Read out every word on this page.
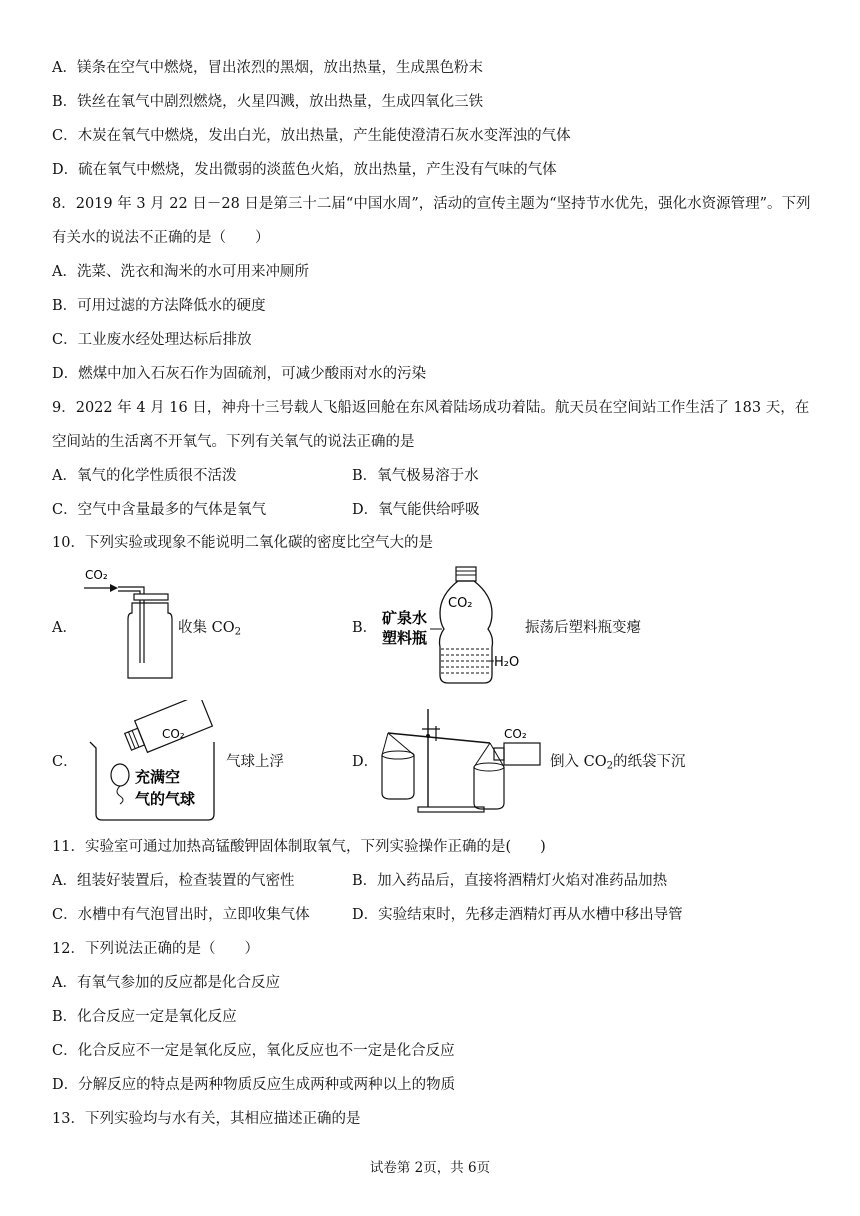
A．镁条在空气中燃烧，冒出浓烈的黑烟，放出热量，生成黑色粉末
B．铁丝在氧气中剧烈燃烧，火星四溅，放出热量，生成四氧化三铁
C．木炭在氧气中燃烧，发出白光，放出热量，产生能使澄清石灰水变浑浊的气体
D．硫在氧气中燃烧，发出微弱的淡蓝色火焰，放出热量，产生没有气味的气体
8．2019 年 3 月 22 日－28 日是第三十二届“中国水周”，活动的宣传主题为“坚持节水优先，强化水资源管理”。下列
有关水的说法不正确的是（　　）
A．洗菜、洗衣和淘米的水可用来冲厕所
B．可用过滤的方法降低水的硬度
C．工业废水经处理达标后排放
D．燃煤中加入石灰石作为固硫剂，可减少酸雨对水的污染
9．2022 年 4 月 16 日，神舟十三号载人飞船返回舱在东风着陆场成功着陆。航天员在空间站工作生活了 183 天，在
空间站的生活离不开氧气。下列有关氧气的说法正确的是
A．氧气的化学性质很不活泼	B．氧气极易溶于水
C．空气中含量最多的气体是氧气	D．氧气能供给呼吸
10．下列实验或现象不能说明二氧化碳的密度比空气大的是
A．
CO₂
收集 $CO_2$	B．
CO₂
矿泉水
塑料瓶
H₂O
振荡后塑料瓶变瘪
C．
CO₂
充满空
气的气球
气球上浮	D．
CO₂
倒入 $CO_2$的纸袋下沉
11．实验室可通过加热高锰酸钾固体制取氧气，下列实验操作正确的是(　　)
A．组装好装置后，检查装置的气密性	B．加入药品后，直接将酒精灯火焰对准药品加热
C．水槽中有气泡冒出时，立即收集气体	D．实验结束时，先移走酒精灯再从水槽中移出导管
12．下列说法正确的是（　　）
A．有氧气参加的反应都是化合反应
B．化合反应一定是氧化反应
C．化合反应不一定是氧化反应，氧化反应也不一定是化合反应
D．分解反应的特点是两种物质反应生成两种或两种以上的物质
13．下列实验均与水有关，其相应描述正确的是
试卷第 2页，共 6页
